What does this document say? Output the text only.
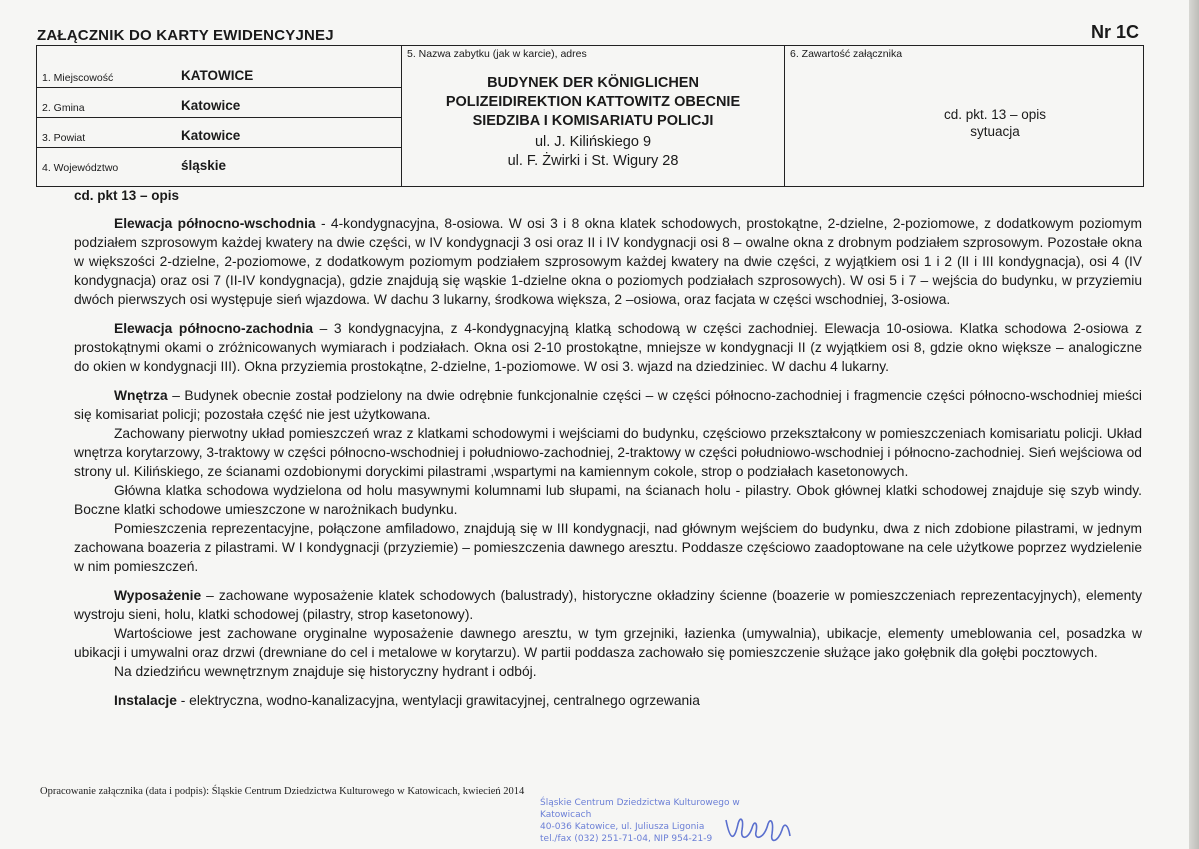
ZAŁĄCZNIK DO KARTY EWIDENCYJNEJ	Nr 1C
1. Miejscowość	KATOWICE
2. Gmina	Katowice
3. Powiat	Katowice
4. Województwo	śląskie
5. Nazwa zabytku (jak w karcie), adres
BUDYNEK DER KÖNIGLICHEN
POLIZEIDIREKTION KATTOWITZ OBECNIE
SIEDZIBA I KOMISARIATU POLICJI
ul. J. Kilińskiego 9
ul. F. Żwirki i St. Wigury 28
6. Zawartość załącznika
cd. pkt. 13 – opis
sytuacja
cd. pkt 13 – opis

Elewacja północno-wschodnia - 4-kondygnacyjna, 8-osiowa. W osi 3 i 8 okna klatek schodowych, prostokątne, 2-dzielne, 2-poziomowe, z dodatkowym poziomym podziałem szprosowym każdej kwatery na dwie części, w IV kondygnacji 3 osi oraz II i IV kondygnacji osi 8 – owalne okna z drobnym podziałem szprosowym. Pozostałe okna w większości 2-dzielne, 2-poziomowe, z dodatkowym poziomym podziałem szprosowym każdej kwatery na dwie części, z wyjątkiem osi 1 i 2 (II i III kondygnacja), osi 4 (IV kondygnacja) oraz osi 7 (II-IV kondygnacja), gdzie znajdują się wąskie 1-dzielne okna o poziomych podziałach szprosowych). W osi 5 i 7 – wejścia do budynku, w przyziemiu dwóch pierwszych osi występuje sień wjazdowa. W dachu 3 lukarny, środkowa większa, 2 –osiowa, oraz facjata w części wschodniej, 3-osiowa.

Elewacja północno-zachodnia – 3 kondygnacyjna, z 4-kondygnacyjną klatką schodową w części zachodniej. Elewacja 10-osiowa. Klatka schodowa 2-osiowa z prostokątnymi okami o zróżnicowanych wymiarach i podziałach. Okna osi 2-10 prostokątne, mniejsze w kondygnacji II (z wyjątkiem osi 8, gdzie okno większe – analogiczne do okien w kondygnacji III). Okna przyziemia prostokątne, 2-dzielne, 1-poziomowe. W osi 3. wjazd na dziedziniec. W dachu 4 lukarny.

Wnętrza – Budynek obecnie został podzielony na dwie odrębnie funkcjonalnie części – w części północno-zachodniej i fragmencie części północno-wschodniej mieści się komisariat policji; pozostała część nie jest użytkowana.

Zachowany pierwotny układ pomieszczeń wraz z klatkami schodowymi i wejściami do budynku, częściowo przekształcony w pomieszczeniach komisariatu policji. Układ wnętrza korytarzowy, 3-traktowy w części północno-wschodniej i południowo-zachodniej, 2-traktowy w części południowo-wschodniej i północno-zachodniej. Sień wejściowa od strony ul. Kilińskiego, ze ścianami ozdobionymi doryckimi pilastrami ,wspartymi na kamiennym cokole, strop o podziałach kasetonowych.

Główna klatka schodowa wydzielona od holu masywnymi kolumnami lub słupami, na ścianach holu - pilastry. Obok głównej klatki schodowej znajduje się szyb windy. Boczne klatki schodowe umieszczone w narożnikach budynku.

Pomieszczenia reprezentacyjne, połączone amfiladowo, znajdują się w III kondygnacji, nad głównym wejściem do budynku, dwa z nich zdobione pilastrami, w jednym zachowana boazeria z pilastrami. W I kondygnacji (przyziemie) – pomieszczenia dawnego aresztu. Poddasze częściowo zaadoptowane na cele użytkowe poprzez wydzielenie w nim pomieszczeń.

Wyposażenie – zachowane wyposażenie klatek schodowych (balustrady), historyczne okładziny ścienne (boazerie w pomieszczeniach reprezentacyjnych), elementy wystroju sieni, holu, klatki schodowej (pilastry, strop kasetonowy).

Wartościowe jest zachowane oryginalne wyposażenie dawnego aresztu, w tym grzejniki, łazienka (umywalnia), ubikacje, elementy umeblowania cel, posadzka w ubikacji i umywalni oraz drzwi (drewniane do cel i metalowe w korytarzu). W partii poddasza zachowało się pomieszczenie służące jako gołębnik dla gołębi pocztowych.

Na dziedzińcu wewnętrznym znajduje się historyczny hydrant i odbój.

Instalacje - elektryczna, wodno-kanalizacyjna, wentylacji grawitacyjnej, centralnego ogrzewania

Opracowanie załącznika (data i podpis): Śląskie Centrum Dziedzictwa Kulturowego w Katowicach, kwiecień 2014
Śląskie Centrum Dziedzictwa Kulturowego w Katowicach
40-036 Katowice, ul. Juliusza Ligonia
tel./fax (032) 251-71-04, NIP 954-21-9
